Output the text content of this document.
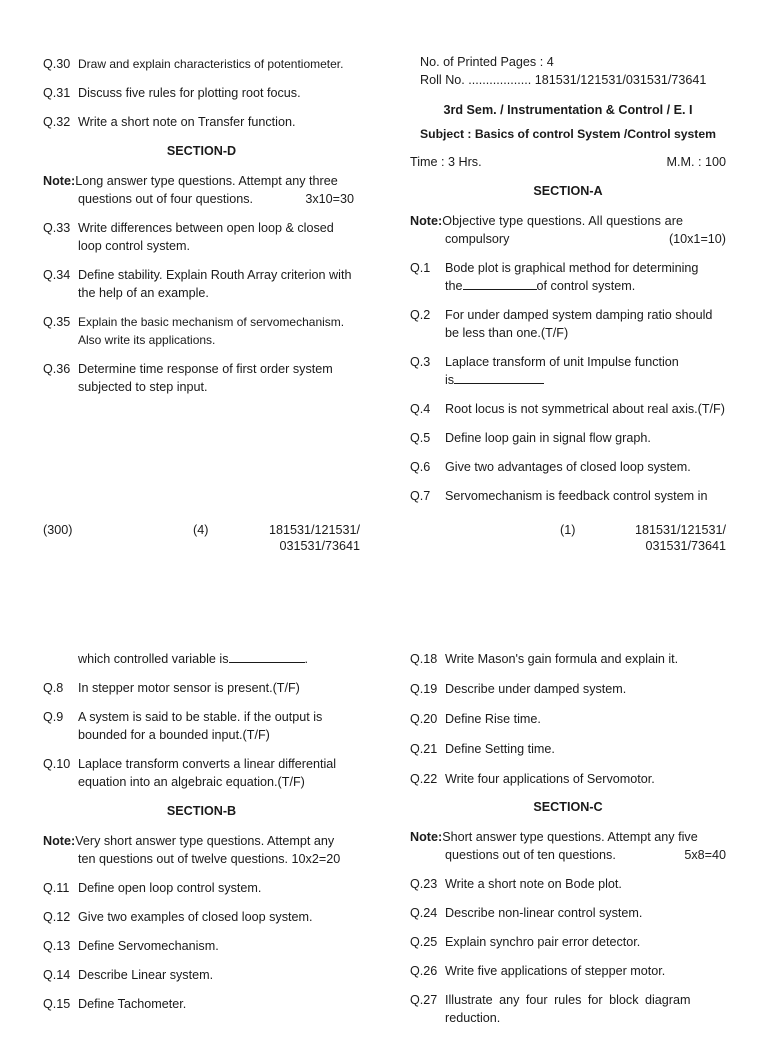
Q.30 Draw and explain characteristics of potentiometer.
Q.31 Discuss five rules for plotting root focus.
Q.32 Write a short note on Transfer function.
SECTION-D
Note:Long answer type questions. Attempt any three
questions out of four questions.	3x10=30
Q.33 Write differences between open loop & closed loop control system.
Q.34 Define stability. Explain Routh Array criterion with the help of an example.
Q.35 Explain the basic mechanism of servomechanism. Also write its applications.
Q.36 Determine time response of first order system subjected to step input.
(300)	(4)	181531/121531/
031531/73641
No. of Printed Pages : 4
Roll No. .................. 181531/121531/031531/73641
3rd Sem. / Instrumentation & Control / E. I
Subject : Basics of control System /Control system
Time : 3 Hrs.	M.M. : 100
SECTION-A
Note:Objective type questions. All questions are
compulsory	(10x1=10)
Q.1 Bode plot is graphical method for determining
the	of control system.
Q.2 For under damped system damping ratio should be less than one.(T/F)
Q.3 Laplace transform of unit Impulse function
is
Q.4 Root locus is not symmetrical about real axis.(T/F)
Q.5 Define loop gain in signal flow graph.
Q.6 Give two advantages of closed loop system.
Q.7 Servomechanism is feedback control system in
(1)	181531/121531/
031531/73641
which controlled variable is	.
Q.8 In stepper motor sensor is present.(T/F)
Q.9 A system is said to be stable. if the output is bounded for a bounded input.(T/F)
Q.10 Laplace transform converts a linear differential equation into an algebraic equation.(T/F)
SECTION-B
Note:Very short answer type questions. Attempt any
ten questions out of twelve questions. 10x2=20
Q.11 Define open loop control system.
Q.12 Give two examples of closed loop system.
Q.13 Define Servomechanism.
Q.14 Describe Linear system.
Q.15 Define Tachometer.
Q.18 Write Mason's gain formula and explain it.
Q.19 Describe under damped system.
Q.20 Define Rise time.
Q.21 Define Setting time.
Q.22 Write four applications of Servomotor.
SECTION-C
Note:Short answer type questions. Attempt any five
questions out of ten questions.	5x8=40
Q.23 Write a short note on Bode plot.
Q.24 Describe non-linear control system.
Q.25 Explain synchro pair error detector.
Q.26 Write five applications of stepper motor.
Q.27 Illustrate any four rules for block diagram reduction.
